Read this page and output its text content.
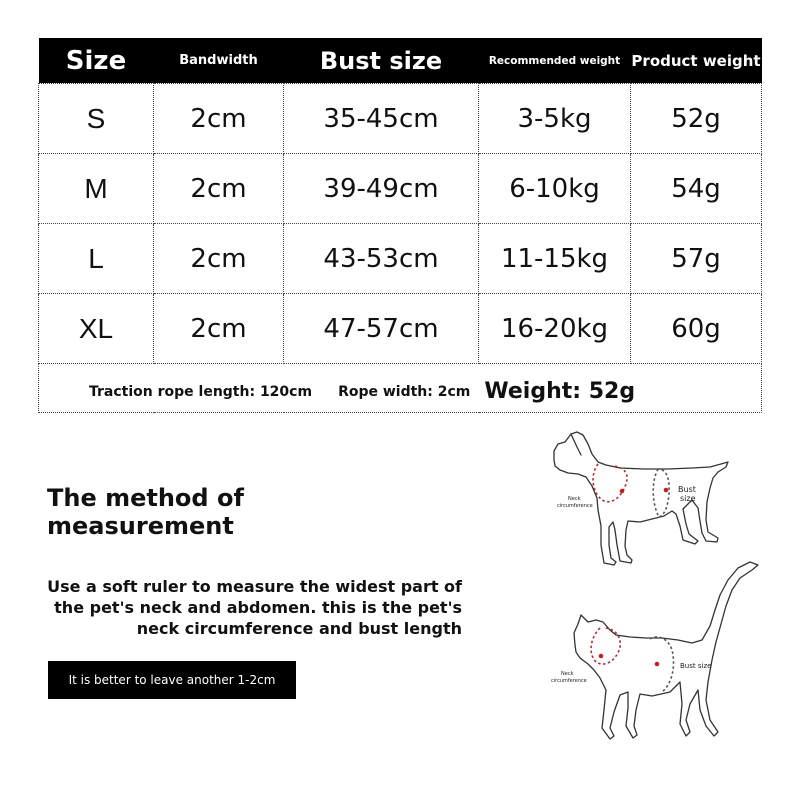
Size	Bandwidth	Bust size	Recommended weight	Product weight
S	2cm	35-45cm	3-5kg	52g
M	2cm	39-49cm	6-10kg	54g
L	2cm	43-53cm	11-15kg	57g
XL	2cm	47-57cm	16-20kg	60g
Traction rope length: 120cm Rope width: 2cm Weight: 52g				
The method of measurement
Use a soft ruler to measure the widest part of the pet's neck and abdomen. this is the pet's neck circumference and bust length
It is better to leave another 1-2cm
Neck
circumference
Bust
size
Neck
circumference
Bust size
